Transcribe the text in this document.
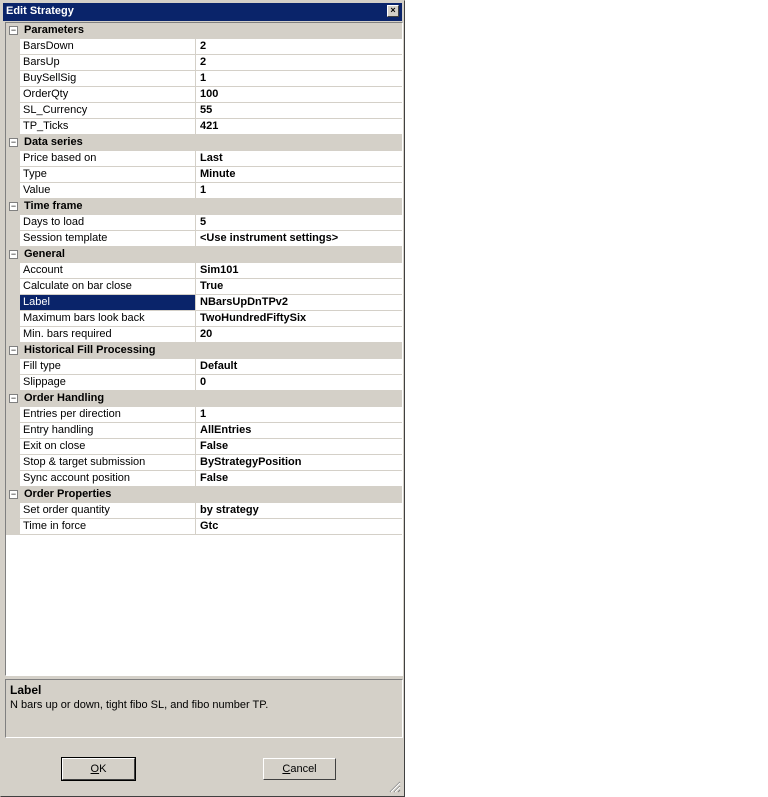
Edit Strategy	×
− Parameters
BarsDown	2
BarsUp	2
BuySellSig	1
OrderQty	100
SL_Currency	55
TP_Ticks	421
− Data series
Price based on	Last
Type	Minute
Value	1
− Time frame
Days to load	5
Session template	<Use instrument settings>
− General
Account	Sim101
Calculate on bar close	True
Label	NBarsUpDnTPv2
Maximum bars look back	TwoHundredFiftySix
Min. bars required	20
− Historical Fill Processing
Fill type	Default
Slippage	0
− Order Handling
Entries per direction	1
Entry handling	AllEntries
Exit on close	False
Stop & target submission	ByStrategyPosition
Sync account position	False
− Order Properties
Set order quantity	by strategy
Time in force	Gtc
Label
N bars up or down, tight fibo SL, and fibo number TP.
OK	Cancel
